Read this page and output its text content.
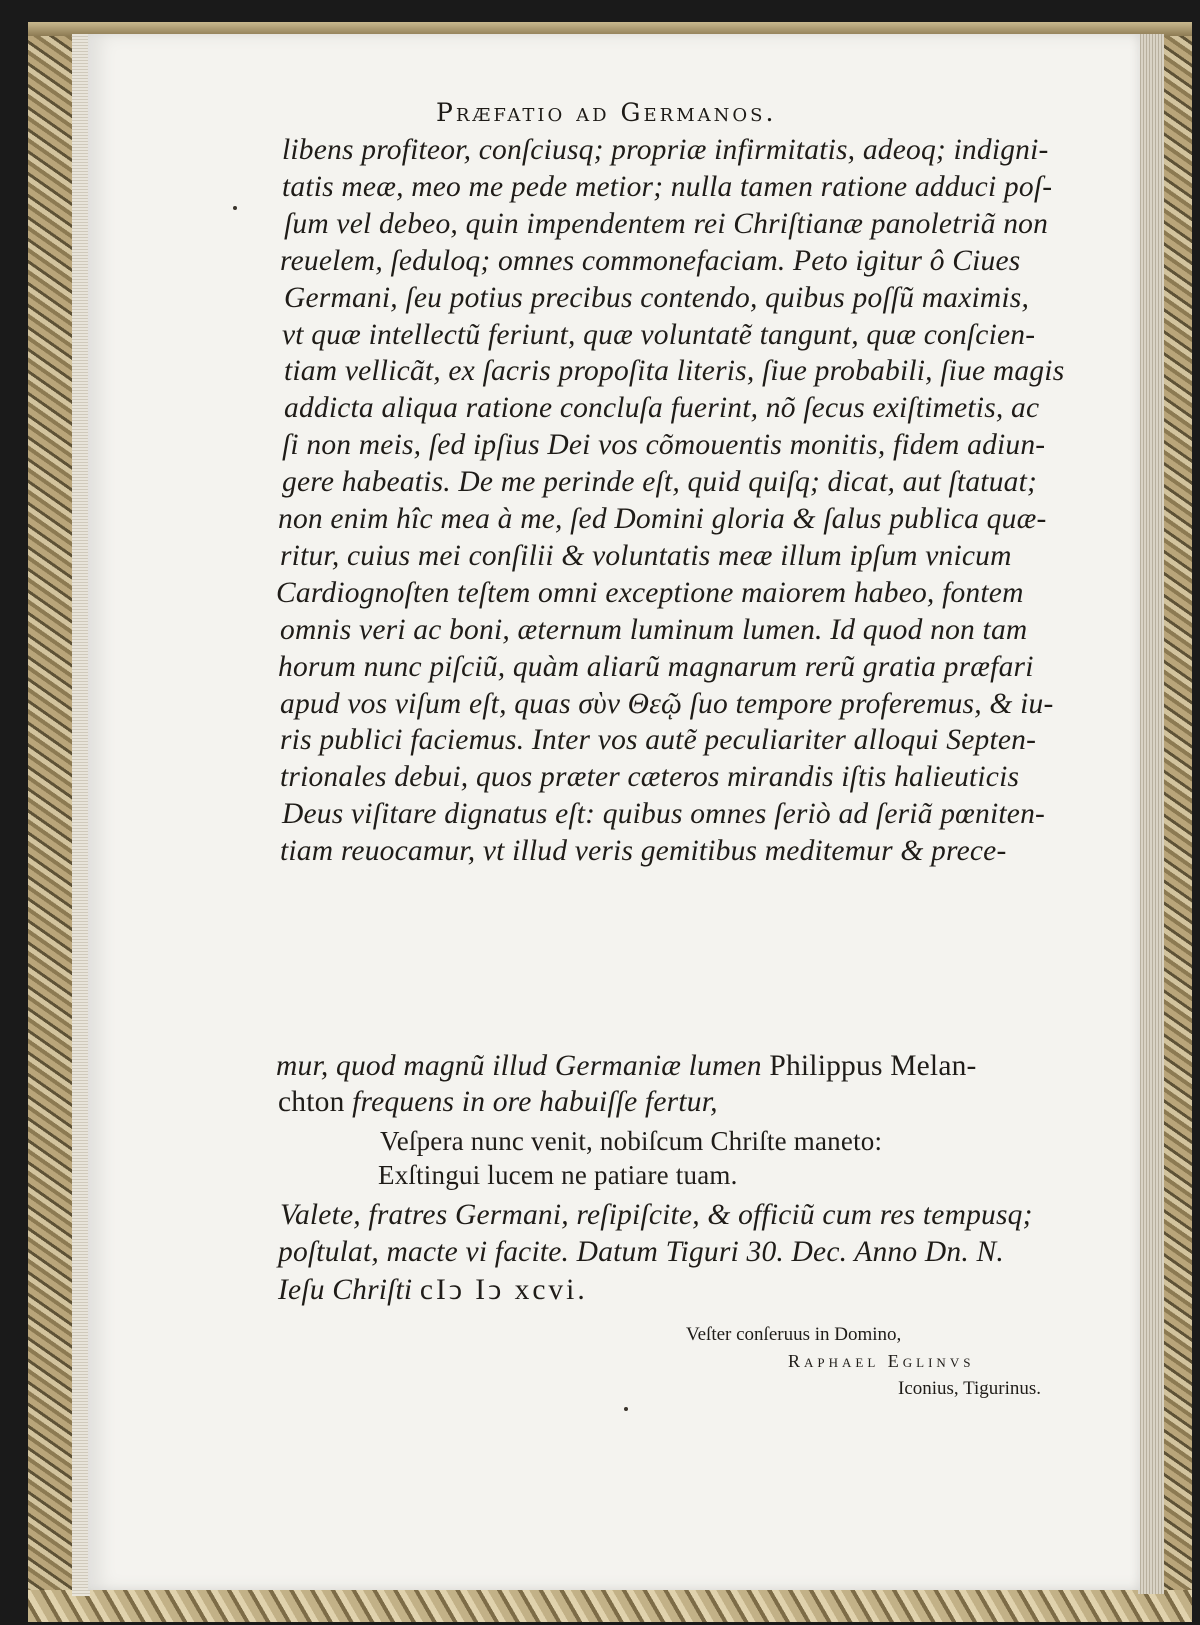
Præfatio ad Germanos.
libens profiteor, conſciusq; propriæ infirmitatis, adeoq; indigni-
tatis meæ, meo me pede metior; nulla tamen ratione adduci poſ-
ſum vel debeo, quin impendentem rei Chriſtianæ panoletriã non
reuelem, ſeduloq; omnes commonefaciam. Peto igitur ô Ciues
Germani, ſeu potius precibus contendo, quibus poſſũ maximis,
vt quæ intellectũ feriunt, quæ voluntatẽ tangunt, quæ conſcien-
tiam vellicãt, ex ſacris propoſita literis, ſiue probabili, ſiue magis
addicta aliqua ratione concluſa fuerint, nõ ſecus exiſtimetis, ac
ſi non meis, ſed ipſius Dei vos cõmouentis monitis, fidem adiun-
gere habeatis. De me perinde eſt, quid quiſq; dicat, aut ſtatuat;
non enim hîc mea à me, ſed Domini gloria & ſalus publica quæ-
ritur, cuius mei conſilii & voluntatis meæ illum ipſum vnicum
Cardiognoſten teſtem omni exceptione maiorem habeo, fontem
omnis veri ac boni, æternum luminum lumen. Id quod non tam
horum nunc piſciũ, quàm aliarũ magnarum rerũ gratia præfari
apud vos viſum eſt, quas σὺν Θεῷ ſuo tempore proferemus, & iu-
ris publici faciemus. Inter vos autẽ peculiariter alloqui Septen-
trionales debui, quos præter cæteros mirandis iſtis halieuticis
Deus viſitare dignatus eſt: quibus omnes ſeriò ad ſeriã pœniten-
tiam reuocamur, vt illud veris gemitibus meditemur & prece-
mur, quod magnũ illud Germaniæ lumen Philippus Melan-
chton frequens in ore habuiſſe fertur,
Veſpera nunc venit, nobiſcum Chriſte maneto:
Exſtingui lucem ne patiare tuam.
Valete, fratres Germani, reſipiſcite, & officiũ cum res tempusq;
poſtulat, macte vi facite. Datum Tiguri 30. Dec. Anno Dn. N.
Ieſu Chriſti cIↄ Iↄ xcvi.
Veſter conſeruus in Domino,
Raphael Eglinvs
Iconius, Tigurinus.
